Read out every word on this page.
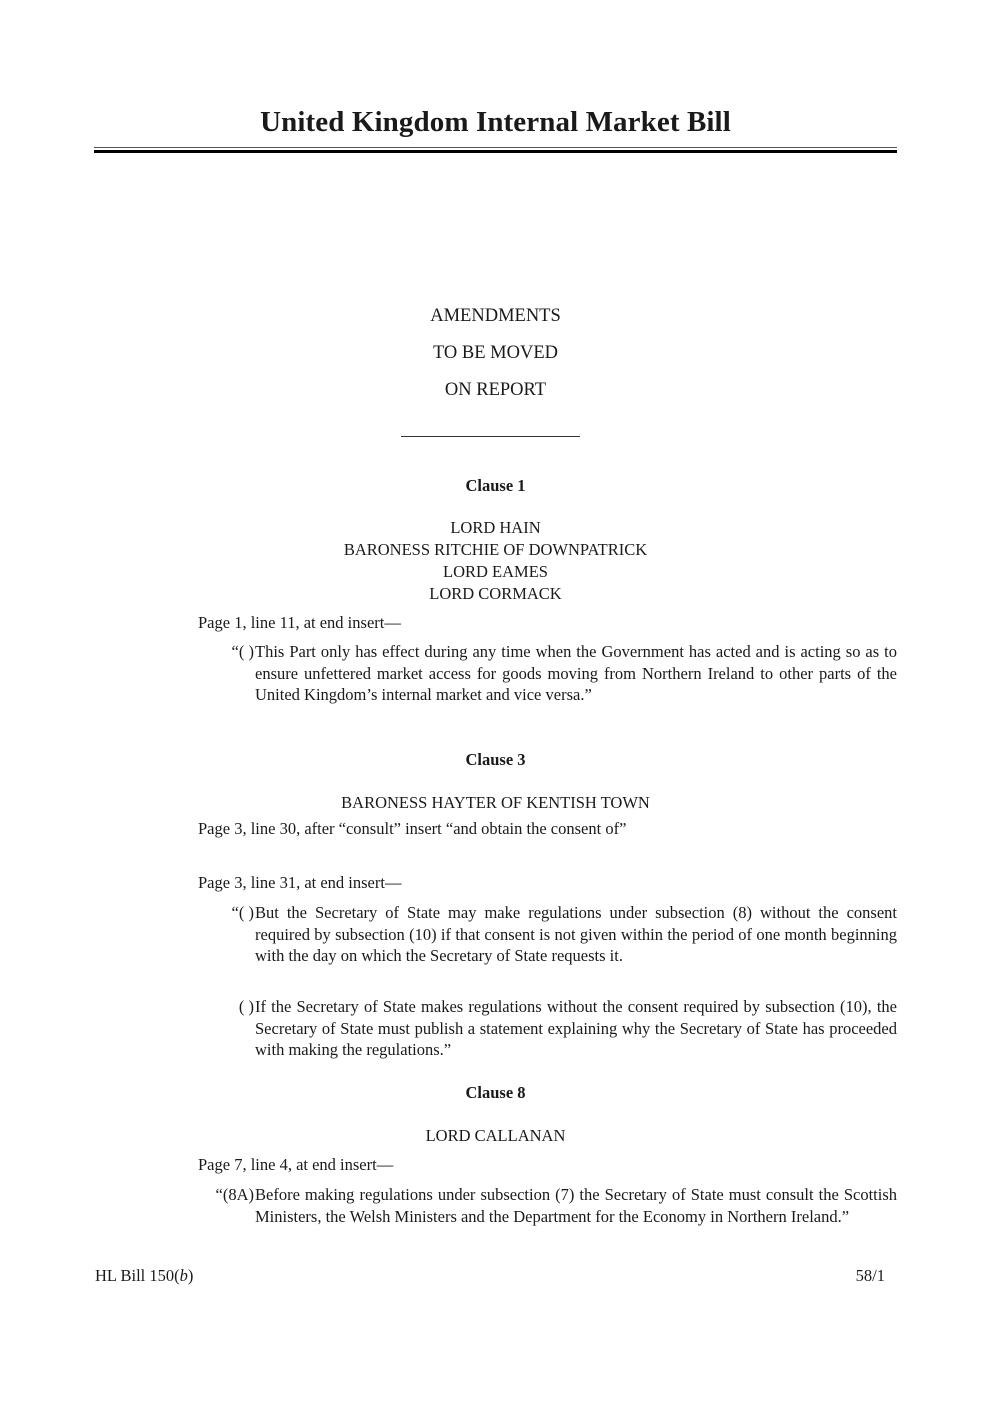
United Kingdom Internal Market Bill
AMENDMENTS
TO BE MOVED
ON REPORT
Clause 1
LORD HAIN
BARONESS RITCHIE OF DOWNPATRICK
LORD EAMES
LORD CORMACK
Page 1, line 11, at end insert—
“( ) This Part only has effect during any time when the Government has acted and is acting so as to ensure unfettered market access for goods moving from Northern Ireland to other parts of the United Kingdom’s internal market and vice versa.”
Clause 3
BARONESS HAYTER OF KENTISH TOWN
Page 3, line 30, after “consult” insert “and obtain the consent of”
Page 3, line 31, at end insert—
“( ) But the Secretary of State may make regulations under subsection (8) without the consent required by subsection (10) if that consent is not given within the period of one month beginning with the day on which the Secretary of State requests it.
( ) If the Secretary of State makes regulations without the consent required by subsection (10), the Secretary of State must publish a statement explaining why the Secretary of State has proceeded with making the regulations.”
Clause 8
LORD CALLANAN
Page 7, line 4, at end insert—
“(8A) Before making regulations under subsection (7) the Secretary of State must consult the Scottish Ministers, the Welsh Ministers and the Department for the Economy in Northern Ireland.”
HL Bill 150(b)	58/1
